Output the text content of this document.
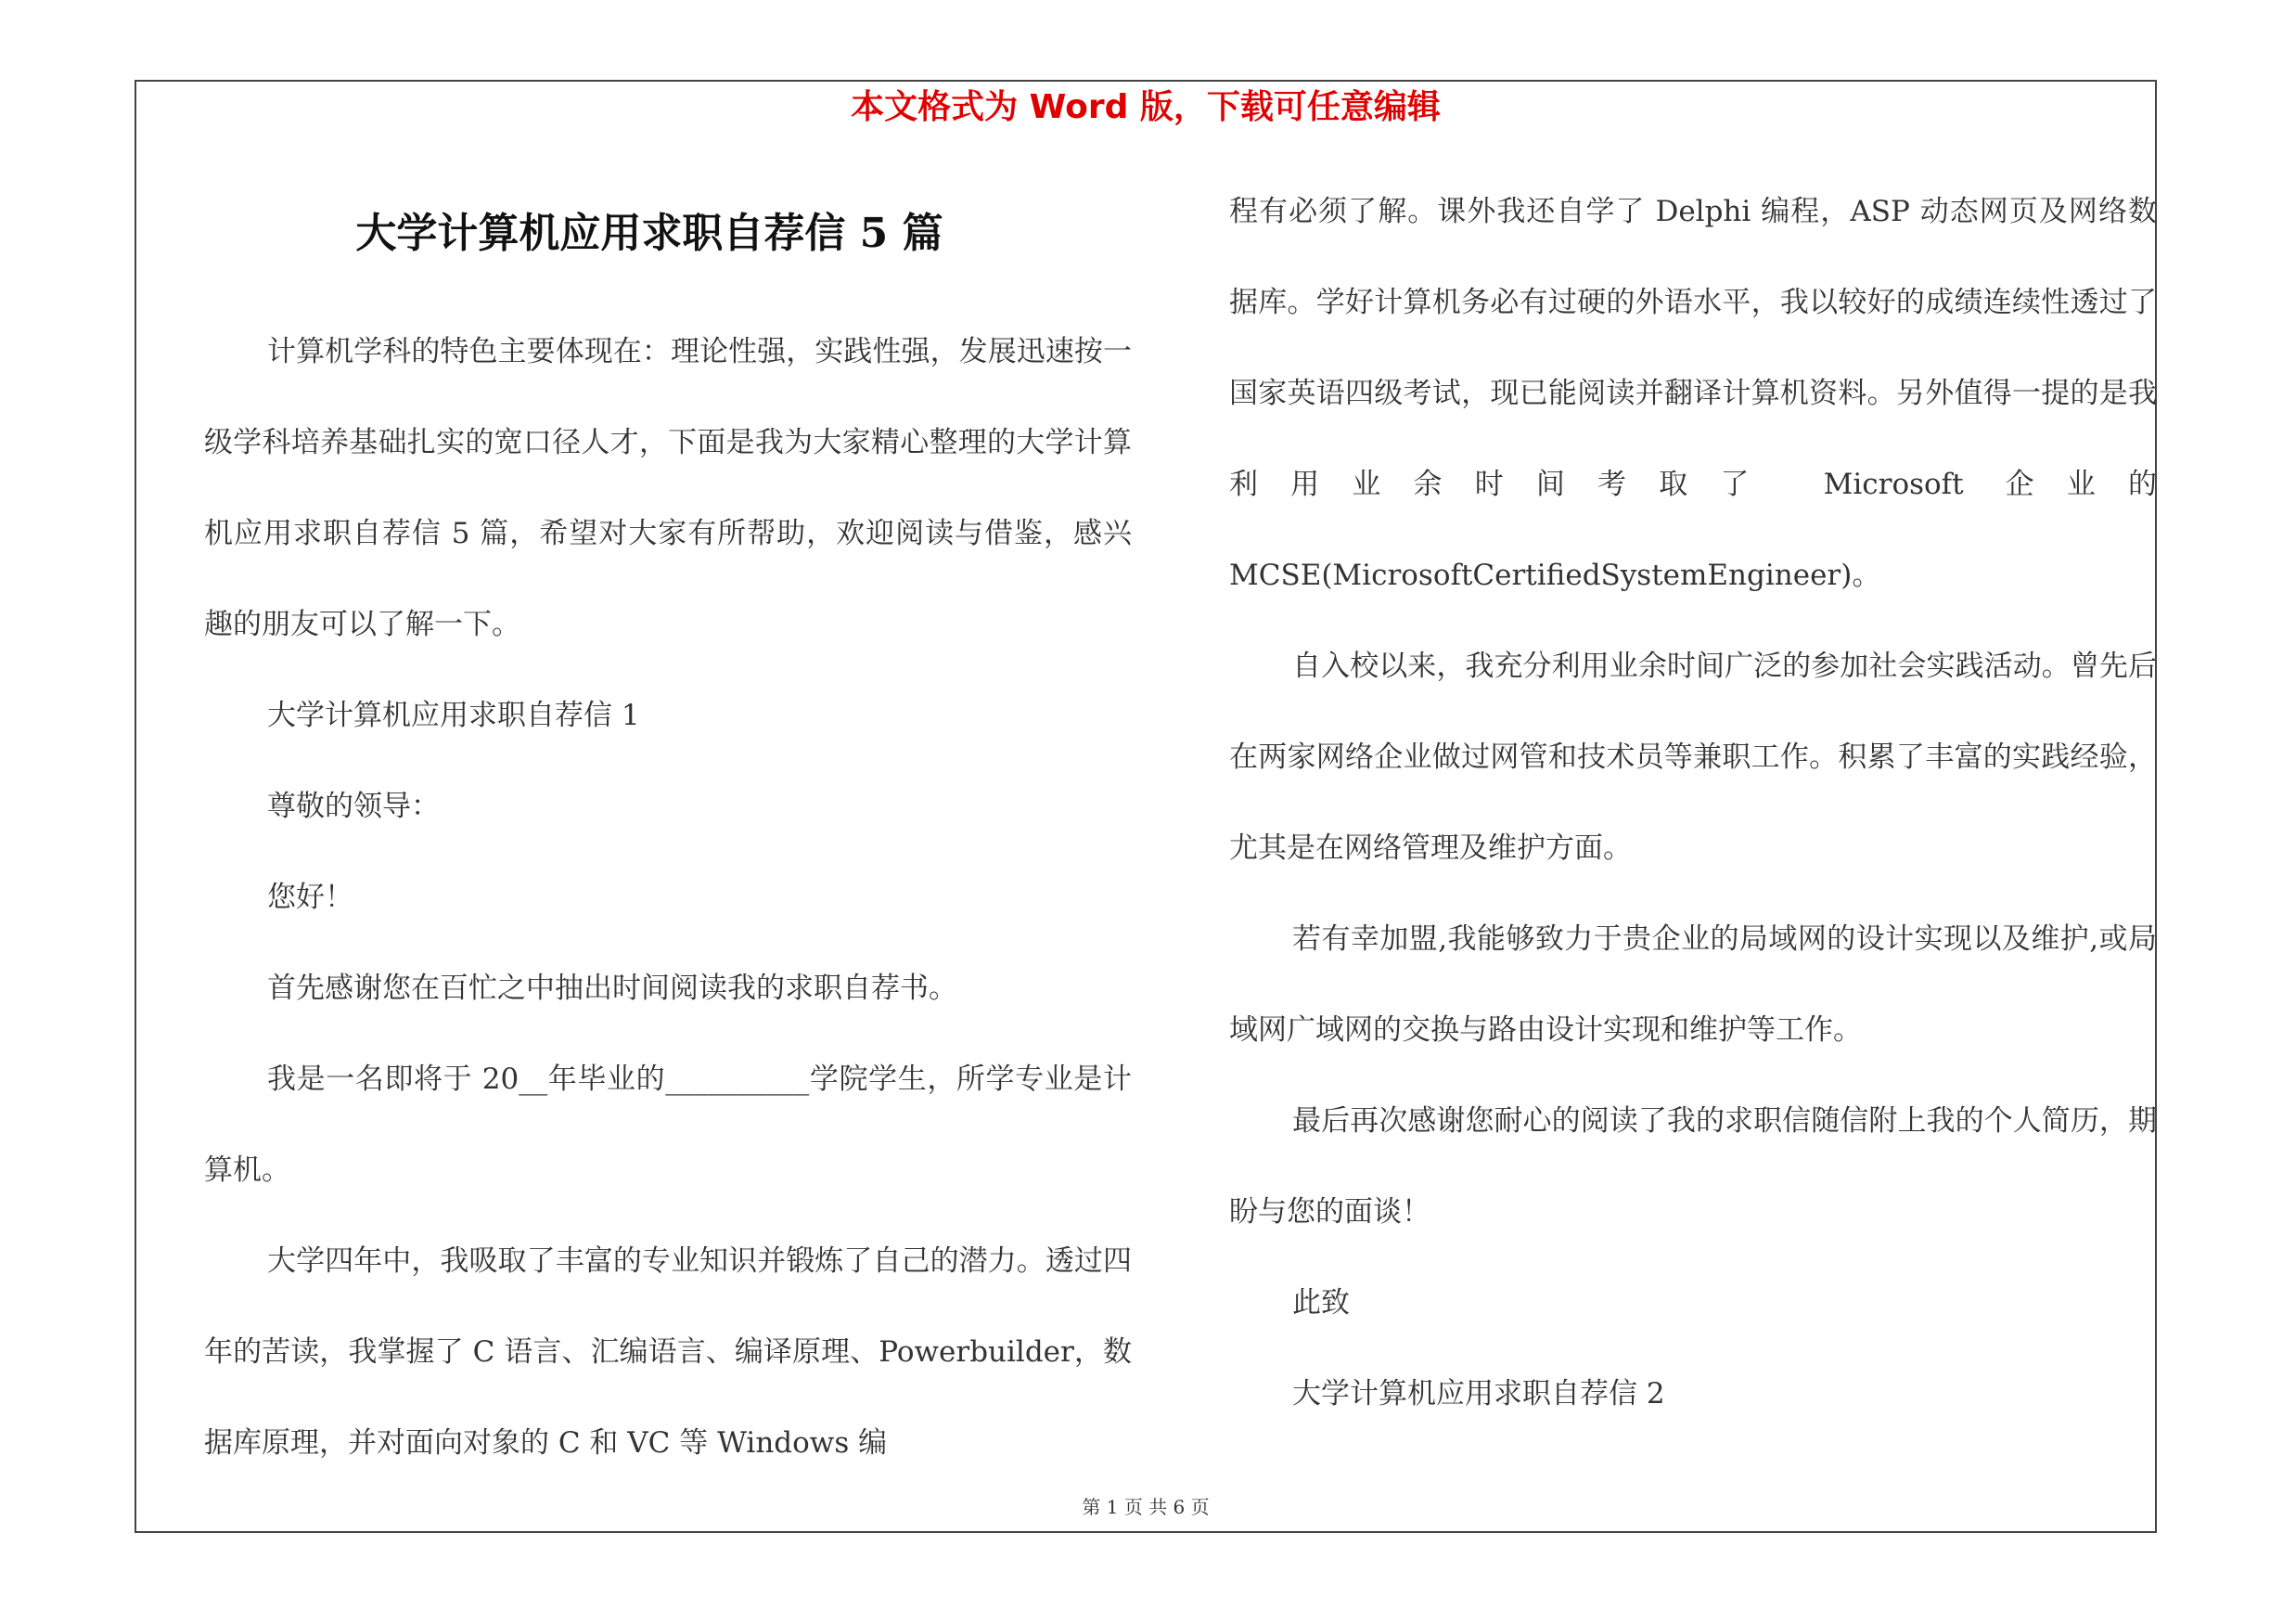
本文格式为 Word 版，下载可任意编辑
大学计算机应用求职自荐信 5 篇

计算机学科的特色主要体现在：理论性强，实践性强，发展迅速按一级学科培养基础扎实的宽口径人才，下面是我为大家精心整理的大学计算机应用求职自荐信 5 篇，希望对大家有所帮助，欢迎阅读与借鉴，感兴趣的朋友可以了解一下。

大学计算机应用求职自荐信 1

尊敬的领导：

您好！

首先感谢您在百忙之中抽出时间阅读我的求职自荐书。

我是一名即将于 20__年毕业的__________学院学生，所学专业是计算机。

大学四年中，我吸取了丰富的专业知识并锻炼了自己的潜力。透过四年的苦读，我掌握了 C 语言、汇编语言、编译原理、Powerbuilder，数据库原理，并对面向对象的 C 和 VC 等 Windows 编

程有必须了解。课外我还自学了 Delphi 编程，ASP 动态网页及网络数据库。学好计算机务必有过硬的外语水平，我以较好的成绩连续性透过了国家英语四级考试，现已能阅读并翻译计算机资料。另外值得一提的是我利用业余时间考取了 Microsoft 企业的MCSE(MicrosoftCertifiedSystemEngineer)。

自入校以来，我充分利用业余时间广泛的参加社会实践活动。曾先后在两家网络企业做过网管和技术员等兼职工作。积累了丰富的实践经验，尤其是在网络管理及维护方面。

若有幸加盟,我能够致力于贵企业的局域网的设计实现以及维护,或局域网广域网的交换与路由设计实现和维护等工作。

最后再次感谢您耐心的阅读了我的求职信随信附上我的个人简历，期盼与您的面谈！

此致

大学计算机应用求职自荐信 2

第 1 页 共 6 页
